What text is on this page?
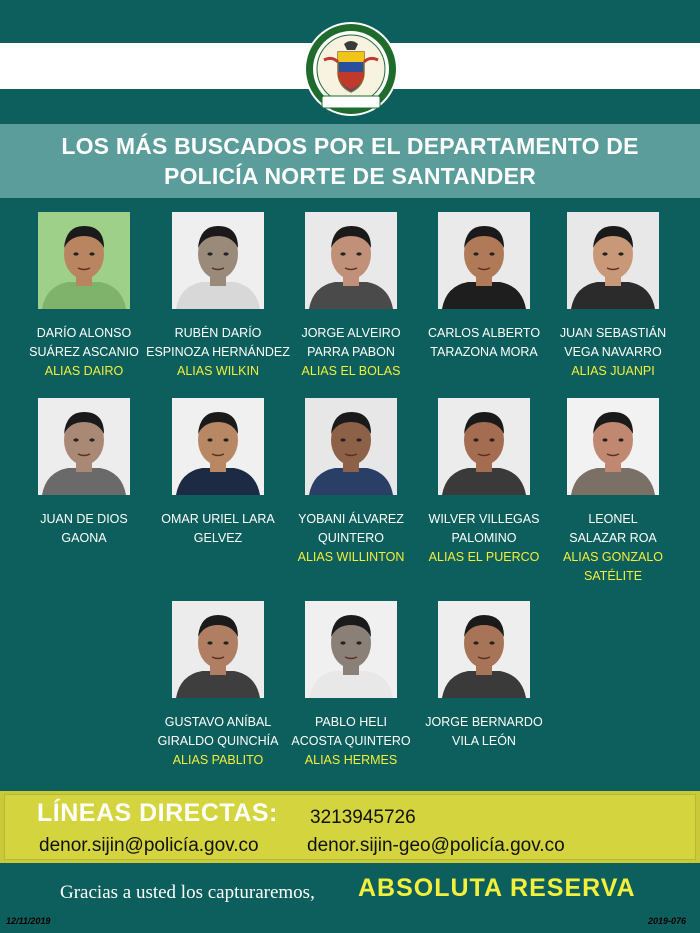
LOS MÁS BUSCADOS POR EL DEPARTAMENTO DE
POLICÍA NORTE DE SANTANDER
DARÍO ALONSO
SUÁREZ ASCANIO
ALIAS DAIRO
RUBÉN DARÍO
ESPINOZA HERNÁNDEZ
ALIAS WILKIN
JORGE ALVEIRO
PARRA PABON
ALIAS EL BOLAS
CARLOS ALBERTO
TARAZONA MORA
JUAN SEBASTIÁN
VEGA NAVARRO
ALIAS JUANPI
JUAN DE DIOS
GAONA
OMAR URIEL LARA
GELVEZ
YOBANI ÁLVAREZ
QUINTERO
ALIAS WILLINTON
WILVER VILLEGAS
PALOMINO
ALIAS EL PUERCO
LEONEL
SALAZAR ROA
ALIAS GONZALO
SATÉLITE
GUSTAVO ANÍBAL
GIRALDO QUINCHÍA
ALIAS PABLITO
PABLO HELI
ACOSTA QUINTERO
ALIAS HERMES
JORGE BERNARDO
VILA LEÓN
LÍNEAS DIRECTAS: 3213945726
denor.sijin@policía.gov.co	denor.sijin-geo@policía.gov.co
Gracias a usted los capturaremos, ABSOLUTA RESERVA
12/11/2019	2019-076
